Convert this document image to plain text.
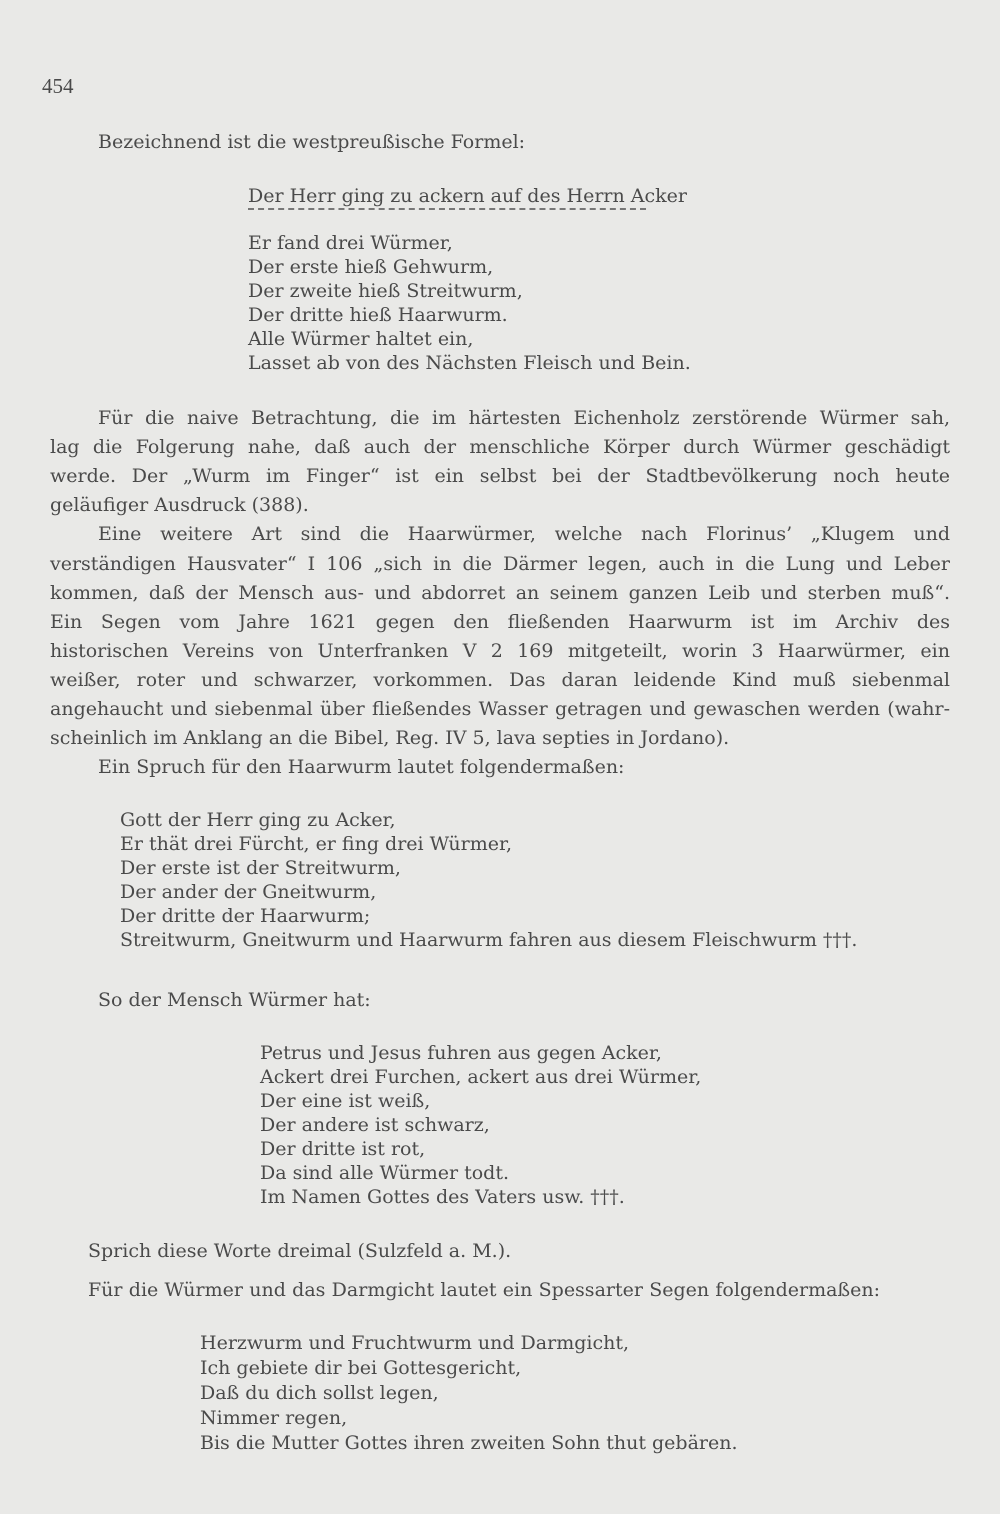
454
Bezeichnend ist die westpreußische Formel:
Der Herr ging zu ackern auf des Herrn Acker
Er fand drei Würmer,
Der erste hieß Gehwurm,
Der zweite hieß Streitwurm,
Der dritte hieß Haarwurm.
Alle Würmer haltet ein,
Lasset ab von des Nächsten Fleisch und Bein.
Für die naive Betrachtung, die im härtesten Eichenholz zerstörende Würmer sah,
lag die Folgerung nahe, daß auch der menschliche Körper durch Würmer geschädigt
werde. Der „Wurm im Finger“ ist ein selbst bei der Stadtbevölkerung noch heute
geläufiger Ausdruck (388).
Eine weitere Art sind die Haarwürmer, welche nach Florinus’ „Klugem und
verständigen Hausvater“ I 106 „sich in die Därmer legen, auch in die Lung und Leber
kommen, daß der Mensch aus- und abdorret an seinem ganzen Leib und sterben muß“.
Ein Segen vom Jahre 1621 gegen den fließenden Haarwurm ist im Archiv des
historischen Vereins von Unterfranken V 2 169 mitgeteilt, worin 3 Haarwürmer, ein
weißer, roter und schwarzer, vorkommen. Das daran leidende Kind muß siebenmal
angehaucht und siebenmal über fließendes Wasser getragen und gewaschen werden (wahr-
scheinlich im Anklang an die Bibel, Reg. IV 5, lava septies in Jordano).
Ein Spruch für den Haarwurm lautet folgendermaßen:
Gott der Herr ging zu Acker,
Er thät drei Fürcht, er fing drei Würmer,
Der erste ist der Streitwurm,
Der ander der Gneitwurm,
Der dritte der Haarwurm;
Streitwurm, Gneitwurm und Haarwurm fahren aus diesem Fleischwurm †††.
So der Mensch Würmer hat:
Petrus und Jesus fuhren aus gegen Acker,
Ackert drei Furchen, ackert aus drei Würmer,
Der eine ist weiß,
Der andere ist schwarz,
Der dritte ist rot,
Da sind alle Würmer todt.
Im Namen Gottes des Vaters usw. †††.
Sprich diese Worte dreimal (Sulzfeld a. M.).
Für die Würmer und das Darmgicht lautet ein Spessarter Segen folgendermaßen:
Herzwurm und Fruchtwurm und Darmgicht,
Ich gebiete dir bei Gottesgericht,
Daß du dich sollst legen,
Nimmer regen,
Bis die Mutter Gottes ihren zweiten Sohn thut gebären.
